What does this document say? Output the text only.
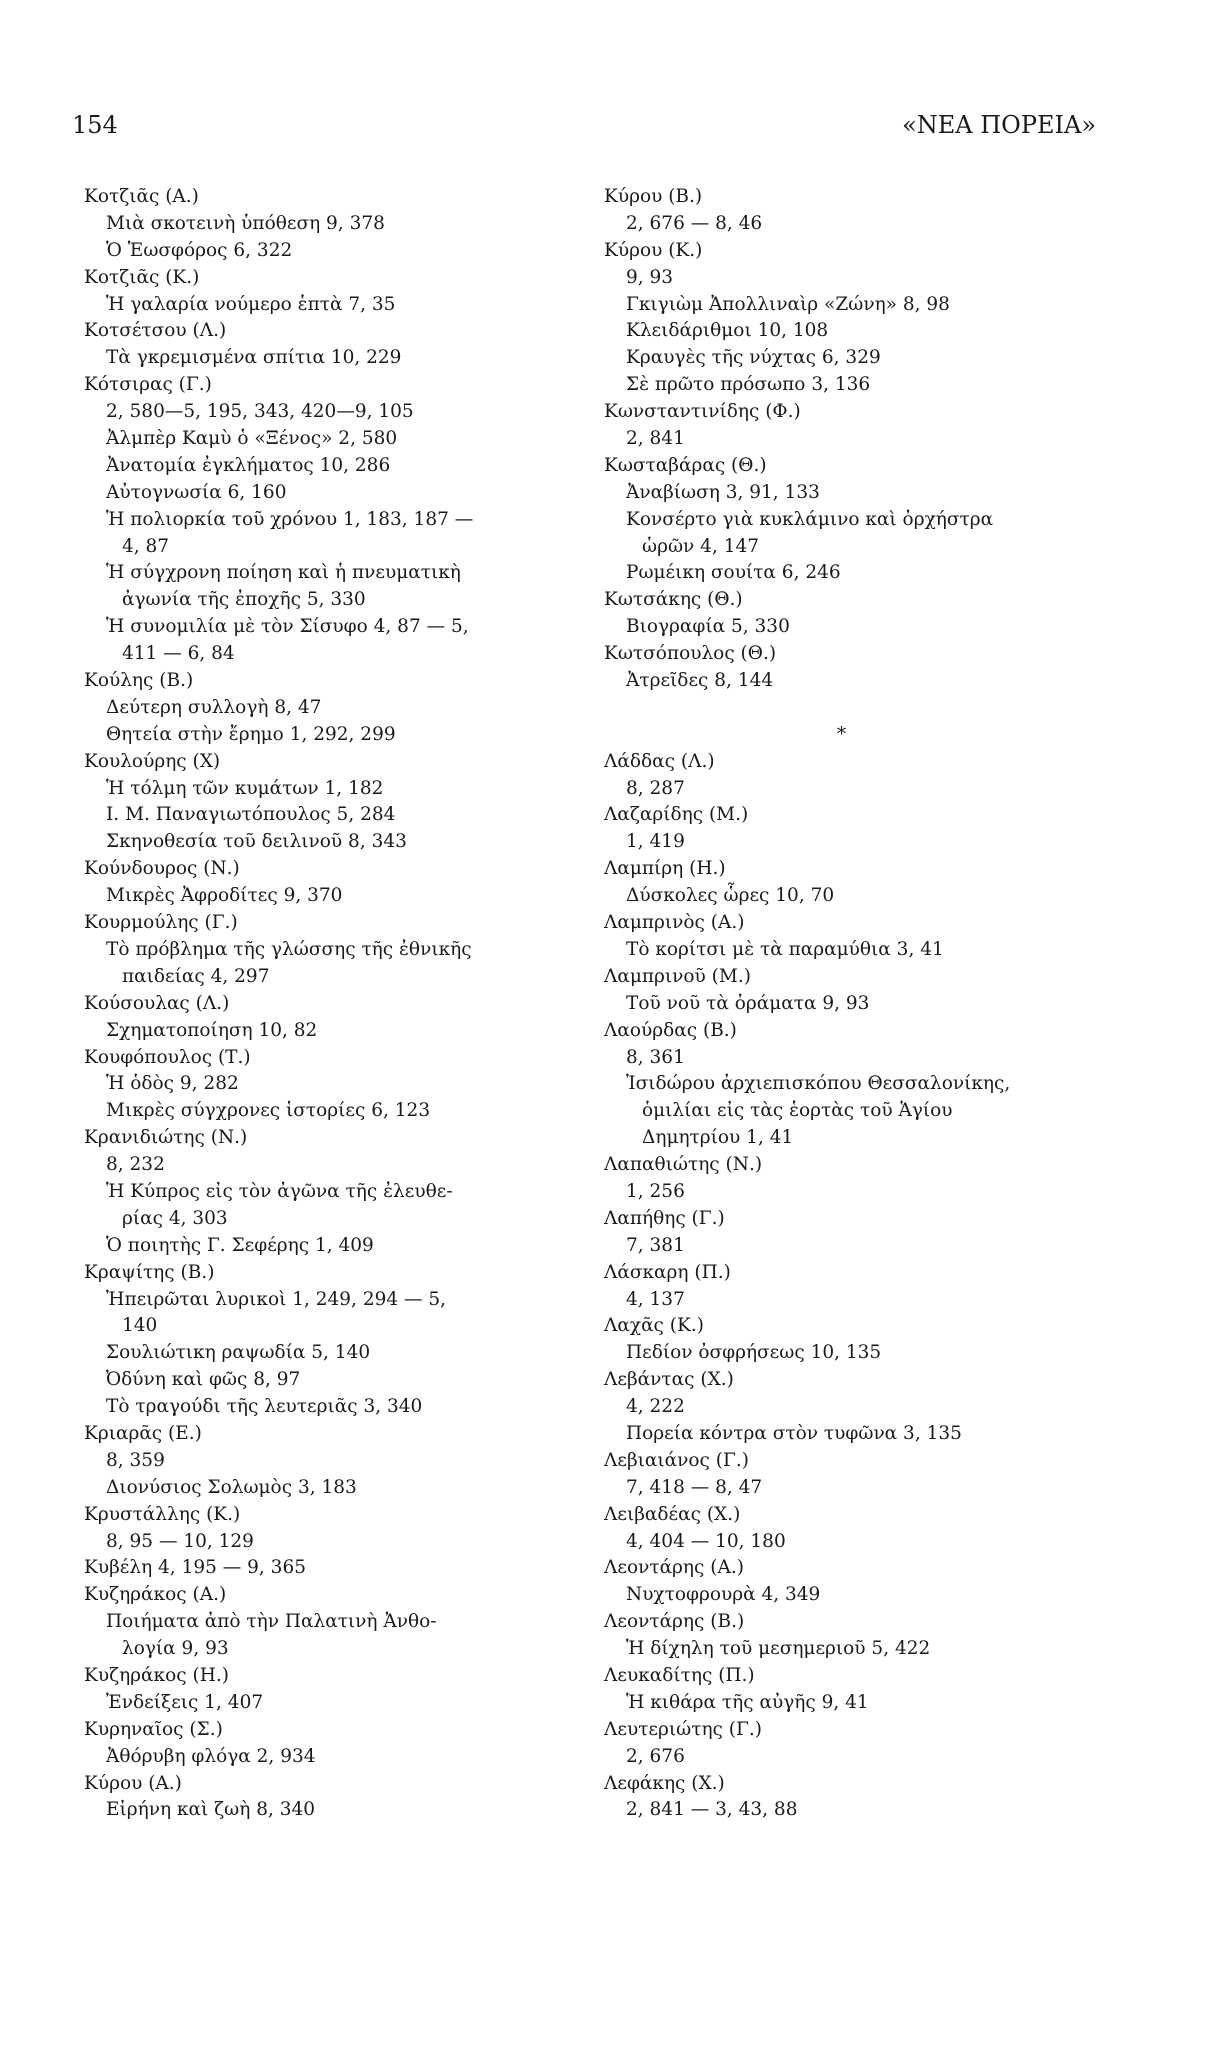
154	«ΝΕΑ ΠΟΡΕΙΑ»
Κοτζιᾶς (Α.)
Μιὰ σκοτεινὴ ὑπόθεση 9, 378
Ὁ Ἑωσφόρος 6, 322
Κοτζιᾶς (Κ.)
Ἡ γαλαρία νούμερο ἑπτὰ 7, 35
Κοτσέτσου (Λ.)
Τὰ γκρεμισμένα σπίτια 10, 229
Κότσιρας (Γ.)
2, 580—5, 195, 343, 420—9, 105
Ἀλμπὲρ Καμὺ ὁ «Ξένος» 2, 580
Ἀνατομία ἐγκλήματος 10, 286
Αὐτογνωσία 6, 160
Ἡ πολιορκία τοῦ χρόνου 1, 183, 187 —
4, 87
Ἡ σύγχρονη ποίηση καὶ ἡ πνευματικὴ
ἀγωνία τῆς ἐποχῆς 5, 330
Ἡ συνομιλία μὲ τὸν Σίσυφο 4, 87 — 5,
411 — 6, 84
Κούλης (Β.)
Δεύτερη συλλογὴ 8, 47
Θητεία στὴν ἔρημο 1, 292, 299
Κουλούρης (Χ)
Ἡ τόλμη τῶν κυμάτων 1, 182
Ι. Μ. Παναγιωτόπουλος 5, 284
Σκηνοθεσία τοῦ δειλινοῦ 8, 343
Κούνδουρος (Ν.)
Μικρὲς Ἀφροδίτες 9, 370
Κουρμούλης (Γ.)
Τὸ πρόβλημα τῆς γλώσσης τῆς ἐθνικῆς
παιδείας 4, 297
Κούσουλας (Λ.)
Σχηματοποίηση 10, 82
Κουφόπουλος (Τ.)
Ἡ ὁδὸς 9, 282
Μικρὲς σύγχρονες ἱστορίες 6, 123
Κρανιδιώτης (Ν.)
8, 232
Ἡ Κύπρος εἰς τὸν ἀγῶνα τῆς ἐλευθε-
ρίας 4, 303
Ὁ ποιητὴς Γ. Σεφέρης 1, 409
Κραψίτης (Β.)
Ἠπειρῶται λυρικοὶ 1, 249, 294 — 5,
140
Σουλιώτικη ραψωδία 5, 140
Ὀδύνη καὶ φῶς 8, 97
Τὸ τραγούδι τῆς λευτεριᾶς 3, 340
Κριαρᾶς (Ε.)
8, 359
Διονύσιος Σολωμὸς 3, 183
Κρυστάλλης (Κ.)
8, 95 — 10, 129
Κυβέλη 4, 195 — 9, 365
Κυζηράκος (Α.)
Ποιήματα ἀπὸ τὴν Παλατινὴ Ἀνθο-
λογία 9, 93
Κυζηράκος (Η.)
Ἐνδείξεις 1, 407
Κυρηναῖος (Σ.)
Ἀθόρυβη φλόγα 2, 934
Κύρου (Α.)
Εἰρήνη καὶ ζωὴ 8, 340
Κύρου (Β.)
2, 676 — 8, 46
Κύρου (Κ.)
9, 93
Γκιγιὼμ Ἀπολλιναὶρ «Ζώνη» 8, 98
Κλειδάριθμοι 10, 108
Κραυγὲς τῆς νύχτας 6, 329
Σὲ πρῶτο πρόσωπο 3, 136
Κωνσταντινίδης (Φ.)
2, 841
Κωσταβάρας (Θ.)
Ἀναβίωση 3, 91, 133
Κονσέρτο γιὰ κυκλάμινο καὶ ὀρχήστρα
ὡρῶν 4, 147
Ρωμέικη σουίτα 6, 246
Κωτσάκης (Θ.)
Βιογραφία 5, 330
Κωτσόπουλος (Θ.)
Ἀτρεῖδες 8, 144
*
Λάδδας (Λ.)
8, 287
Λαζαρίδης (Μ.)
1, 419
Λαμπίρη (Η.)
Δύσκολες ὧρες 10, 70
Λαμπρινὸς (Α.)
Τὸ κορίτσι μὲ τὰ παραμύθια 3, 41
Λαμπρινοῦ (Μ.)
Τοῦ νοῦ τὰ ὁράματα 9, 93
Λαούρδας (Β.)
8, 361
Ἰσιδώρου ἀρχιεπισκόπου Θεσσαλονίκης,
ὁμιλίαι εἰς τὰς ἑορτὰς τοῦ Ἁγίου
Δημητρίου 1, 41
Λαπαθιώτης (Ν.)
1, 256
Λαπήθης (Γ.)
7, 381
Λάσκαρη (Π.)
4, 137
Λαχᾶς (Κ.)
Πεδίον ὀσφρήσεως 10, 135
Λεβάντας (Χ.)
4, 222
Πορεία κόντρα στὸν τυφῶνα 3, 135
Λεβιαιάνος (Γ.)
7, 418 — 8, 47
Λειβαδέας (Χ.)
4, 404 — 10, 180
Λεοντάρης (Α.)
Νυχτοφρουρὰ 4, 349
Λεοντάρης (Β.)
Ἡ δίχηλη τοῦ μεσημεριοῦ 5, 422
Λευκαδίτης (Π.)
Ἡ κιθάρα τῆς αὐγῆς 9, 41
Λευτεριώτης (Γ.)
2, 676
Λεφάκης (Χ.)
2, 841 — 3, 43, 88
